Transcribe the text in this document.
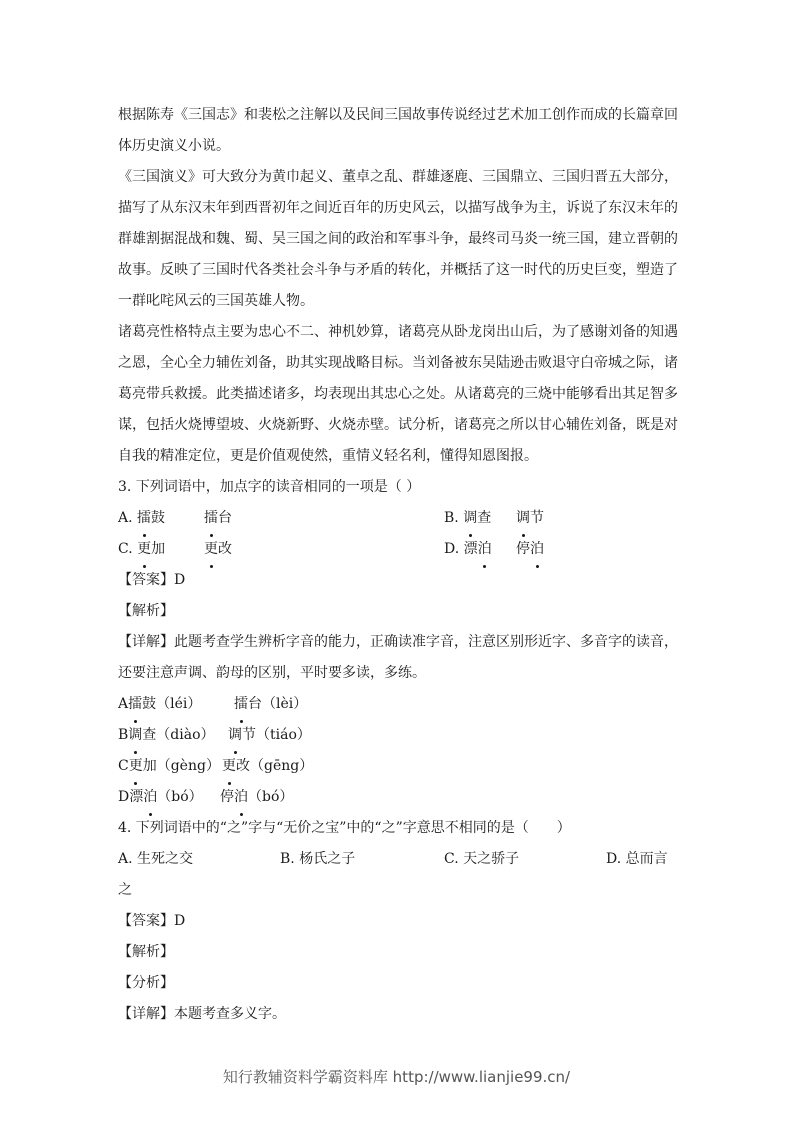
根据陈寿《三国志》和裴松之注解以及民间三国故事传说经过艺术加工创作而成的长篇章回体历史演义小说。

《三国演义》可大致分为黄巾起义、董卓之乱、群雄逐鹿、三国鼎立、三国归晋五大部分，描写了从东汉末年到西晋初年之间近百年的历史风云，以描写战争为主，诉说了东汉末年的群雄割据混战和魏、蜀、吴三国之间的政治和军事斗争，最终司马炎一统三国，建立晋朝的故事。反映了三国时代各类社会斗争与矛盾的转化，并概括了这一时代的历史巨变，塑造了一群叱咤风云的三国英雄人物。

诸葛亮性格特点主要为忠心不二、神机妙算，诸葛亮从卧龙岗出山后，为了感谢刘备的知遇之恩，全心全力辅佐刘备，助其实现战略目标。当刘备被东吴陆逊击败退守白帝城之际，诸葛亮带兵救援。此类描述诸多，均表现出其忠心之处。从诸葛亮的三烧中能够看出其足智多谋，包括火烧博望坡、火烧新野、火烧赤壁。试分析，诸葛亮之所以甘心辅佐刘备，既是对自我的精准定位，更是价值观使然，重情义轻名利，懂得知恩图报。

3. 下列词语中，加点字的读音相同的一项是（ ）
A. 擂鼓	擂台	B. 调查 调节
C. 更加	更改	D. 漂泊 停泊
【答案】D
【解析】

【详解】此题考查学生辨析字音的能力，正确读准字音，注意区别形近字、多音字的读音，还要注意声调、韵母的区别，平时要多读，多练。

A擂鼓（léi） 擂台（lèi）
B调查（diào） 调节（tiáo）
C更加（gèng） 更改（gēng）
D漂泊（bó） 停泊（bó）
4. 下列词语中的“之”字与“无价之宝”中的“之”字意思不相同的是（　　）
A. 生死之交	B. 杨氏之子	C. 天之骄子	D. 总而言
之
【答案】D
【解析】
【分析】
【详解】本题考查多义字。
知行教辅资料学霸资料库 http://www.lianjie99.cn/
